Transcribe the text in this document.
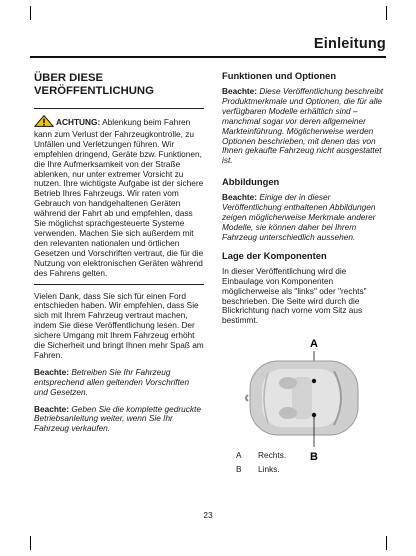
Einleitung
ÜBER DIESE VERÖFFENTLICHUNG
ACHTUNG: Ablenkung beim Fahren kann zum Verlust der Fahrzeugkontrolle, zu Unfällen und Verletzungen führen. Wir empfehlen dringend, Geräte bzw. Funktionen, die Ihre Aufmerksamkeit von der Straße ablenken, nur unter extremer Vorsicht zu nutzen. Ihre wichtigste Aufgabe ist der sichere Betrieb Ihres Fahrzeugs. Wir raten vom Gebrauch von handgehaltenen Geräten während der Fahrt ab und empfehlen, dass Sie möglichst sprachgesteuerte Systeme verwenden. Machen Sie sich außerdem mit den relevanten nationalen und örtlichen Gesetzen und Vorschriften vertraut, die für die Nutzung von elektronischen Geräten während des Fahrens gelten.

Vielen Dank, dass Sie sich für einen Ford entschieden haben. Wir empfehlen, dass Sie sich mit Ihrem Fahrzeug vertraut machen, indem Sie diese Veröffentlichung lesen. Der sichere Umgang mit Ihrem Fahrzeug erhöht die Sicherheit und bringt Ihnen mehr Spaß am Fahren.

Beachte: Betreiben Sie Ihr Fahrzeug entsprechend allen geltenden Vorschriften und Gesetzen.

Beachte: Geben Sie die komplette gedruckte Betriebsanleitung weiter, wenn Sie Ihr Fahrzeug verkaufen.

Funktionen und Optionen

Beachte: Diese Veröffentlichung beschreibt Produktmerkmale und Optionen, die für alle verfügbaren Modelle erhältlich sind – manchmal sogar vor deren allgemeiner Markteinführung. Möglicherweise werden Optionen beschrieben, mit denen das von Ihnen gekaufte Fahrzeug nicht ausgestattet ist.

Abbildungen

Beachte: Einige der in dieser Veröffentlichung enthaltenen Abbildungen zeigen möglicherweise Merkmale anderer Modelle, sie können daher bei Ihrem Fahrzeug unterschiedlich aussehen.

Lage der Komponenten

In dieser Veröffentlichung wird die Einbaulage von Komponenten möglicherweise als "links" oder "rechts" beschrieben. Die Seite wird durch die Blickrichtung nach vorne vom Sitz aus bestimmt.

A
B
A Rechts.
B Links.
23
